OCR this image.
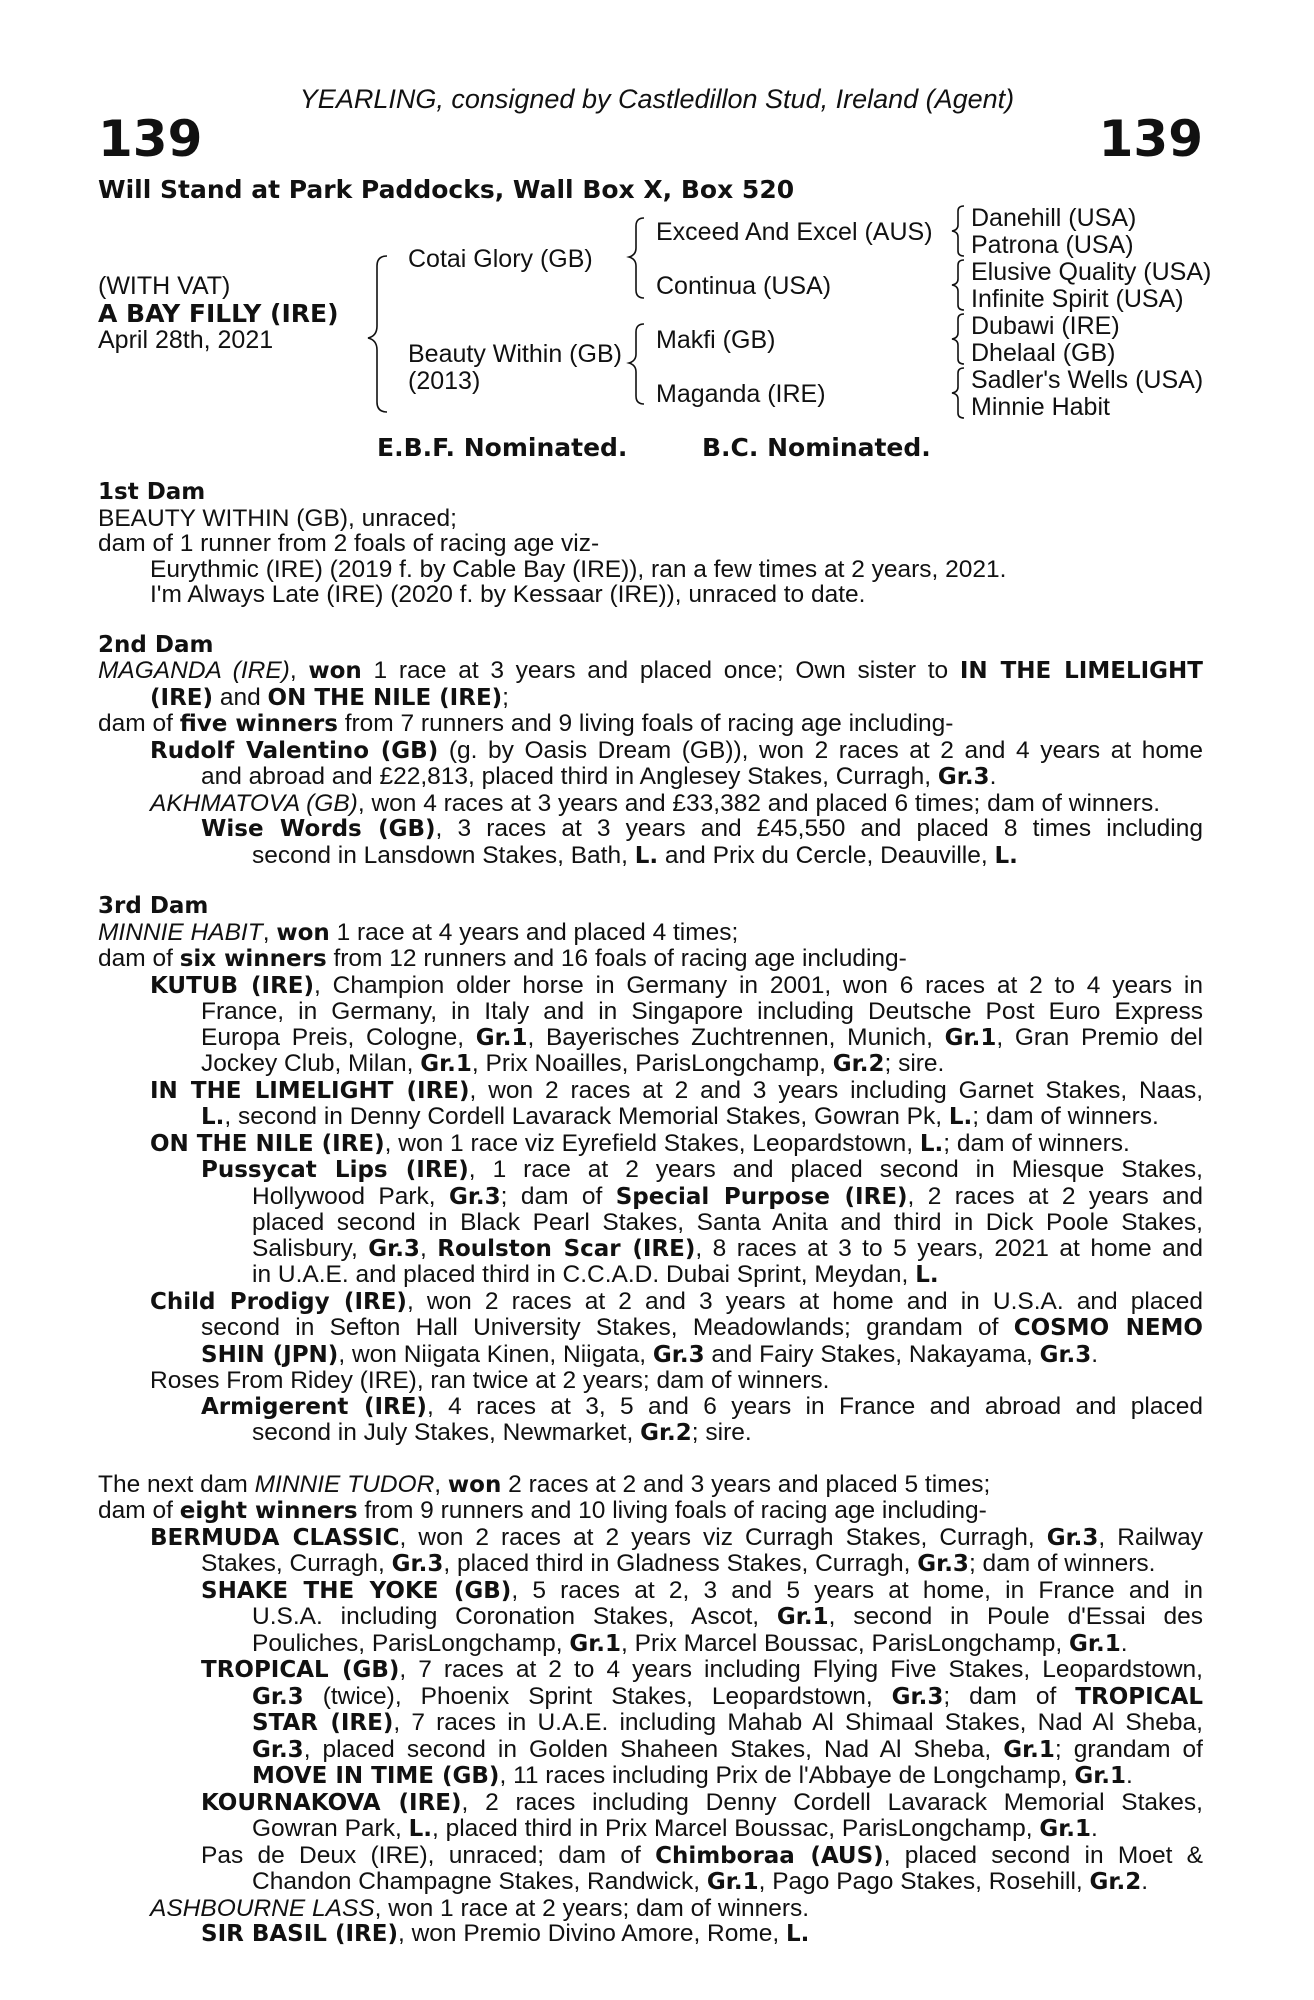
YEARLING, consigned by Castledillon Stud, Ireland (Agent)
139	139
Will Stand at Park Paddocks, Wall Box X, Box 520
(WITH VAT)
A BAY FILLY (IRE)
April 28th, 2021
Cotai Glory (GB)
Beauty Within (GB)
(2013)
Exceed And Excel (AUS)
Continua (USA)
Makfi (GB)
Maganda (IRE)
Danehill (USA)
Patrona (USA)
Elusive Quality (USA)
Infinite Spirit (USA)
Dubawi (IRE)
Dhelaal (GB)
Sadler's Wells (USA)
Minnie Habit
E.B.F. Nominated.	B.C. Nominated.
1st Dam
BEAUTY WITHIN (GB), unraced;
dam of 1 runner from 2 foals of racing age viz-
Eurythmic (IRE) (2019 f. by Cable Bay (IRE)), ran a few times at 2 years, 2021.
I'm Always Late (IRE) (2020 f. by Kessaar (IRE)), unraced to date.
2nd Dam
MAGANDA (IRE), won 1 race at 3 years and placed once; Own sister to IN THE LIMELIGHT
(IRE) and ON THE NILE (IRE);
dam of five winners from 7 runners and 9 living foals of racing age including-
Rudolf Valentino (GB) (g. by Oasis Dream (GB)), won 2 races at 2 and 4 years at home
and abroad and £22,813, placed third in Anglesey Stakes, Curragh, Gr.3.
AKHMATOVA (GB), won 4 races at 3 years and £33,382 and placed 6 times; dam of winners.
Wise Words (GB), 3 races at 3 years and £45,550 and placed 8 times including
second in Lansdown Stakes, Bath, L. and Prix du Cercle, Deauville, L.
3rd Dam
MINNIE HABIT, won 1 race at 4 years and placed 4 times;
dam of six winners from 12 runners and 16 foals of racing age including-
KUTUB (IRE), Champion older horse in Germany in 2001, won 6 races at 2 to 4 years in
France, in Germany, in Italy and in Singapore including Deutsche Post Euro Express
Europa Preis, Cologne, Gr.1, Bayerisches Zuchtrennen, Munich, Gr.1, Gran Premio del
Jockey Club, Milan, Gr.1, Prix Noailles, ParisLongchamp, Gr.2; sire.
IN THE LIMELIGHT (IRE), won 2 races at 2 and 3 years including Garnet Stakes, Naas,
L., second in Denny Cordell Lavarack Memorial Stakes, Gowran Pk, L.; dam of winners.
ON THE NILE (IRE), won 1 race viz Eyrefield Stakes, Leopardstown, L.; dam of winners.
Pussycat Lips (IRE), 1 race at 2 years and placed second in Miesque Stakes,
Hollywood Park, Gr.3; dam of Special Purpose (IRE), 2 races at 2 years and
placed second in Black Pearl Stakes, Santa Anita and third in Dick Poole Stakes,
Salisbury, Gr.3, Roulston Scar (IRE), 8 races at 3 to 5 years, 2021 at home and
in U.A.E. and placed third in C.C.A.D. Dubai Sprint, Meydan, L.
Child Prodigy (IRE), won 2 races at 2 and 3 years at home and in U.S.A. and placed
second in Sefton Hall University Stakes, Meadowlands; grandam of COSMO NEMO
SHIN (JPN), won Niigata Kinen, Niigata, Gr.3 and Fairy Stakes, Nakayama, Gr.3.
Roses From Ridey (IRE), ran twice at 2 years; dam of winners.
Armigerent (IRE), 4 races at 3, 5 and 6 years in France and abroad and placed
second in July Stakes, Newmarket, Gr.2; sire.
The next dam MINNIE TUDOR, won 2 races at 2 and 3 years and placed 5 times;
dam of eight winners from 9 runners and 10 living foals of racing age including-
BERMUDA CLASSIC, won 2 races at 2 years viz Curragh Stakes, Curragh, Gr.3, Railway
Stakes, Curragh, Gr.3, placed third in Gladness Stakes, Curragh, Gr.3; dam of winners.
SHAKE THE YOKE (GB), 5 races at 2, 3 and 5 years at home, in France and in
U.S.A. including Coronation Stakes, Ascot, Gr.1, second in Poule d'Essai des
Pouliches, ParisLongchamp, Gr.1, Prix Marcel Boussac, ParisLongchamp, Gr.1.
TROPICAL (GB), 7 races at 2 to 4 years including Flying Five Stakes, Leopardstown,
Gr.3 (twice), Phoenix Sprint Stakes, Leopardstown, Gr.3; dam of TROPICAL
STAR (IRE), 7 races in U.A.E. including Mahab Al Shimaal Stakes, Nad Al Sheba,
Gr.3, placed second in Golden Shaheen Stakes, Nad Al Sheba, Gr.1; grandam of
MOVE IN TIME (GB), 11 races including Prix de l'Abbaye de Longchamp, Gr.1.
KOURNAKOVA (IRE), 2 races including Denny Cordell Lavarack Memorial Stakes,
Gowran Park, L., placed third in Prix Marcel Boussac, ParisLongchamp, Gr.1.
Pas de Deux (IRE), unraced; dam of Chimboraa (AUS), placed second in Moet &
Chandon Champagne Stakes, Randwick, Gr.1, Pago Pago Stakes, Rosehill, Gr.2.
ASHBOURNE LASS, won 1 race at 2 years; dam of winners.
SIR BASIL (IRE), won Premio Divino Amore, Rome, L.
